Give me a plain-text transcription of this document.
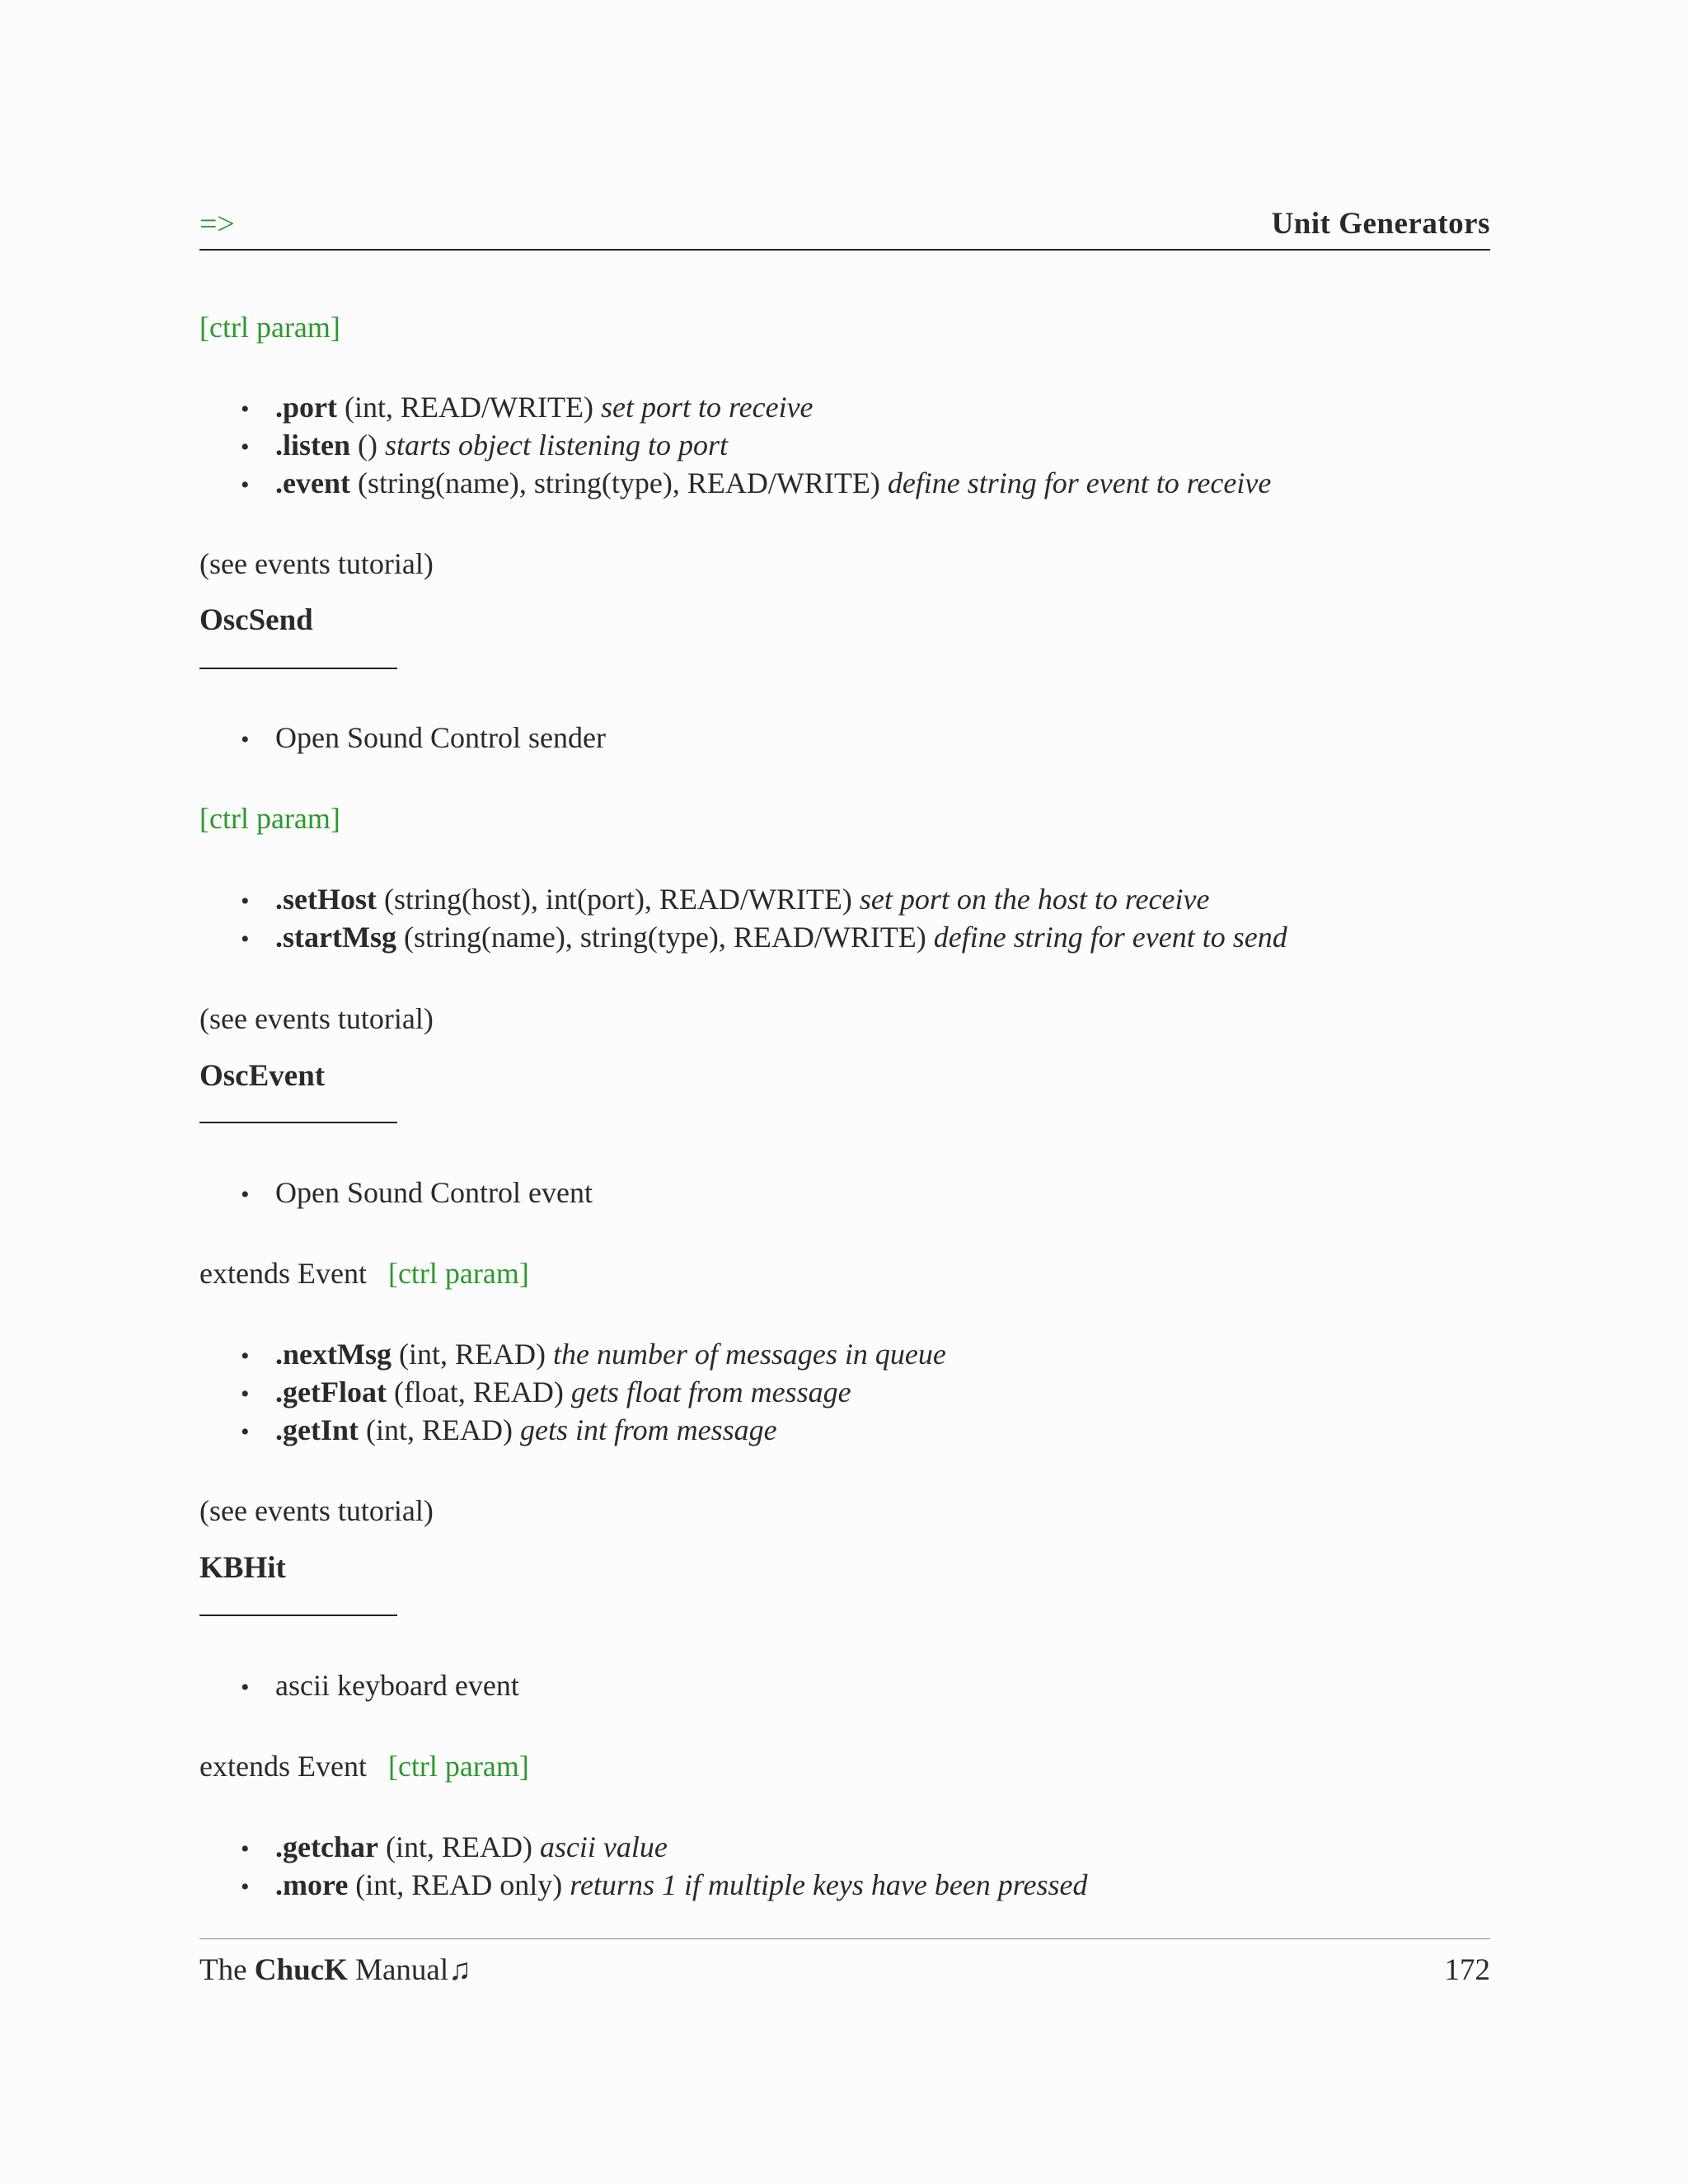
=>	Unit Generators
[ctrl param]
• .port (int, READ/WRITE) set port to receive
• .listen () starts object listening to port
• .event (string(name), string(type), READ/WRITE) define string for event to receive
(see events tutorial)
OscSend
• Open Sound Control sender
[ctrl param]
• .setHost (string(host), int(port), READ/WRITE) set port on the host to receive
• .startMsg (string(name), string(type), READ/WRITE) define string for event to send
(see events tutorial)
OscEvent
• Open Sound Control event
extends Event [ctrl param]
• .nextMsg (int, READ) the number of messages in queue
• .getFloat (float, READ) gets float from message
• .getInt (int, READ) gets int from message
(see events tutorial)
KBHit
• ascii keyboard event
extends Event [ctrl param]
• .getchar (int, READ) ascii value
• .more (int, READ only) returns 1 if multiple keys have been pressed
The ChucK Manual♫	172
